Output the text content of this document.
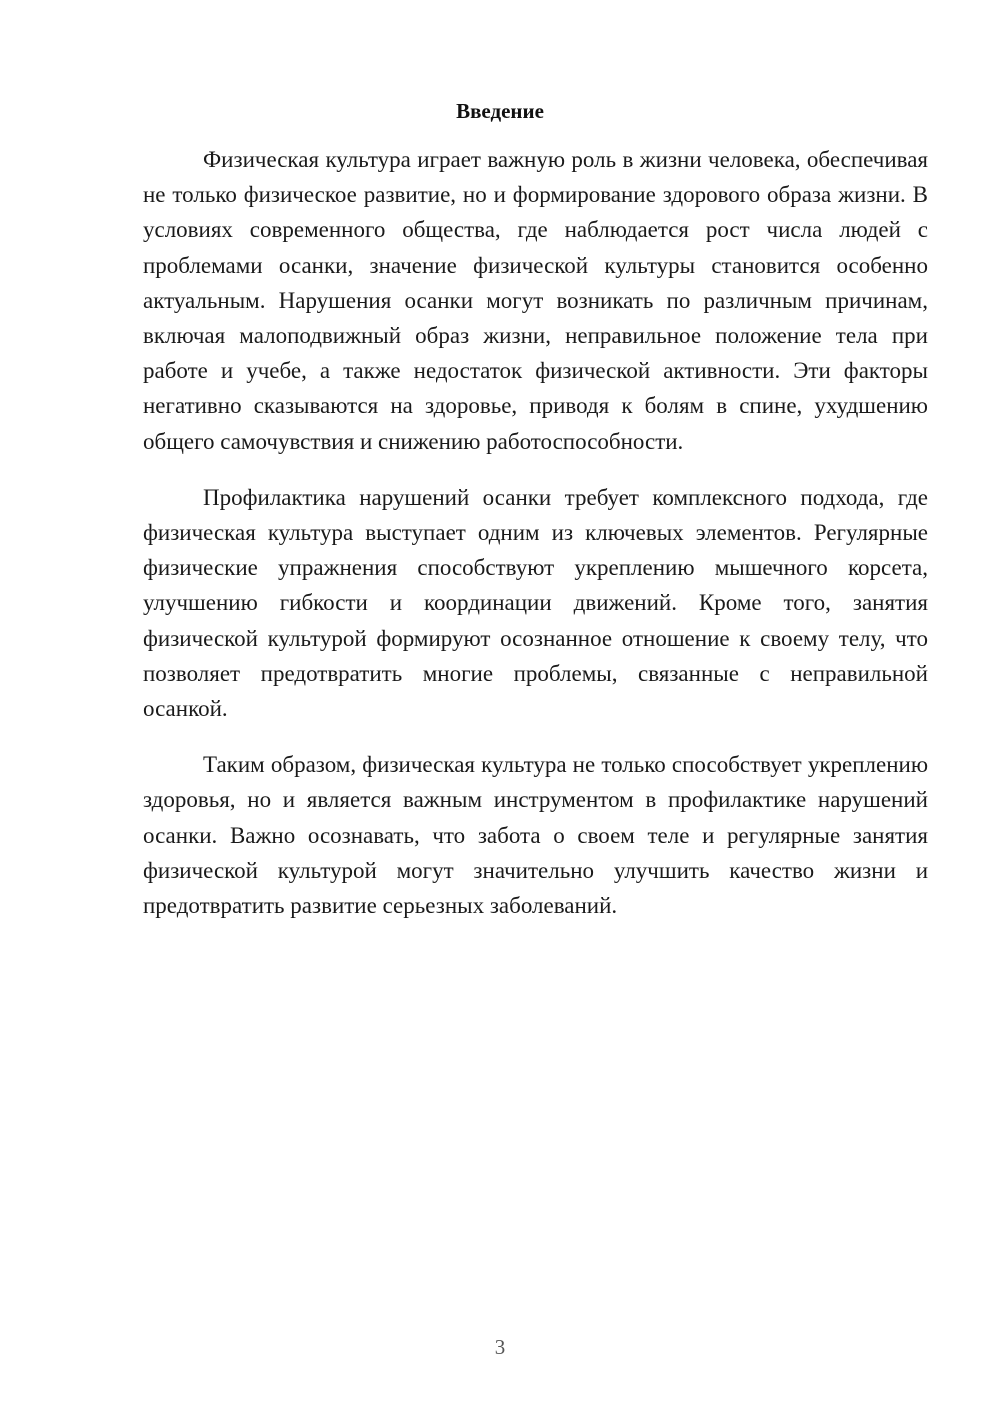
Введение

Физическая культура играет важную роль в жизни человека, обеспечивая не только физическое развитие, но и формирование здорового образа жизни. В условиях современного общества, где наблюдается рост числа людей с проблемами осанки, значение физической культуры становится особенно актуальным. Нарушения осанки могут возникать по различным причинам, включая малоподвижный образ жизни, неправильное положение тела при работе и учебе, а также недостаток физической активности. Эти факторы негативно сказываются на здоровье, приводя к болям в спине, ухудшению общего самочувствия и снижению работоспособности.

Профилактика нарушений осанки требует комплексного подхода, где физическая культура выступает одним из ключевых элементов. Регулярные физические упражнения способствуют укреплению мышечного корсета, улучшению гибкости и координации движений. Кроме того, занятия физической культурой формируют осознанное отношение к своему телу, что позволяет предотвратить многие проблемы, связанные с неправильной осанкой.

Таким образом, физическая культура не только способствует укреплению здоровья, но и является важным инструментом в профилактике нарушений осанки. Важно осознавать, что забота о своем теле и регулярные занятия физической культурой могут значительно улучшить качество жизни и предотвратить развитие серьезных заболеваний.

3
